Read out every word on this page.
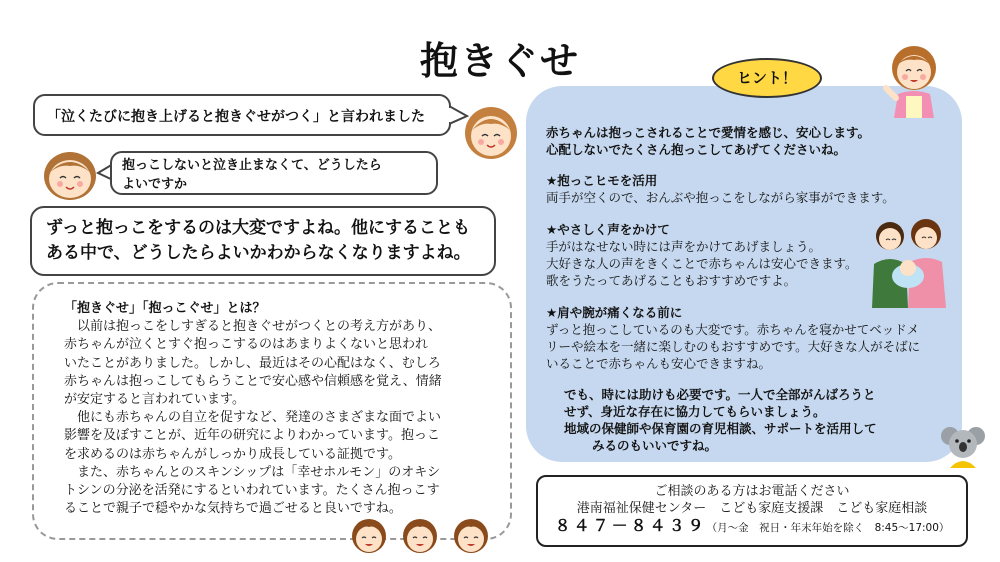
抱きぐせ
「泣くたびに抱き上げると抱きぐせがつく」と言われました
抱っこしないと泣き止まなくて、どうしたら
よいですか
ずっと抱っこをするのは大変ですよね。他にすることも
ある中で、どうしたらよいかわからなくなりますよね。
「抱きぐせ」「抱っこぐせ」とは？
　以前は抱っこをしすぎると抱きぐせがつくとの考え方があり、
赤ちゃんが泣くとすぐ抱っこするのはあまりよくないと思われ
いたことがありました。しかし、最近はその心配はなく、むしろ
赤ちゃんは抱っこしてもらうことで安心感や信頼感を覚え、情緒
が安定すると言われています。
　他にも赤ちゃんの自立を促すなど、発達のさまざまな面でよい
影響を及ぼすことが、近年の研究によりわかっています。抱っこ
を求めるのは赤ちゃんがしっかり成長している証拠です。
　また、赤ちゃんとのスキンシップは「幸せホルモン」のオキシ
トシンの分泌を活発にするといわれています。たくさん抱っこす
ることで親子で穏やかな気持ちで過ごせると良いですね。
ヒント！
赤ちゃんは抱っこされることで愛情を感じ、安心します。
心配しないでたくさん抱っこしてあげてくださいね。
★抱っこヒモを活用
両手が空くので、おんぶや抱っこをしながら家事ができます。
★やさしく声をかけて
手がはなせない時には声をかけてあげましょう。
大好きな人の声をきくことで赤ちゃんは安心できます。
歌をうたってあげることもおすすめですよ。
★肩や腕が痛くなる前に
ずっと抱っこしているのも大変です。赤ちゃんを寝かせてベッドメ
リーや絵本を一緒に楽しむのもおすすめです。大好きな人がそばに
いることで赤ちゃんも安心できますね。
でも、時には助けも必要です。一人で全部がんばろうと
せず、身近な存在に協力してもらいましょう。
地域の保健師や保育園の育児相談、サポートを活用して
みるのもいいですね。
ご相談のある方はお電話ください
港南福祉保健センター　こども家庭支援課　こども家庭相談
８４７－８４３９（月～金　祝日・年末年始を除く　8:45～17:00）
